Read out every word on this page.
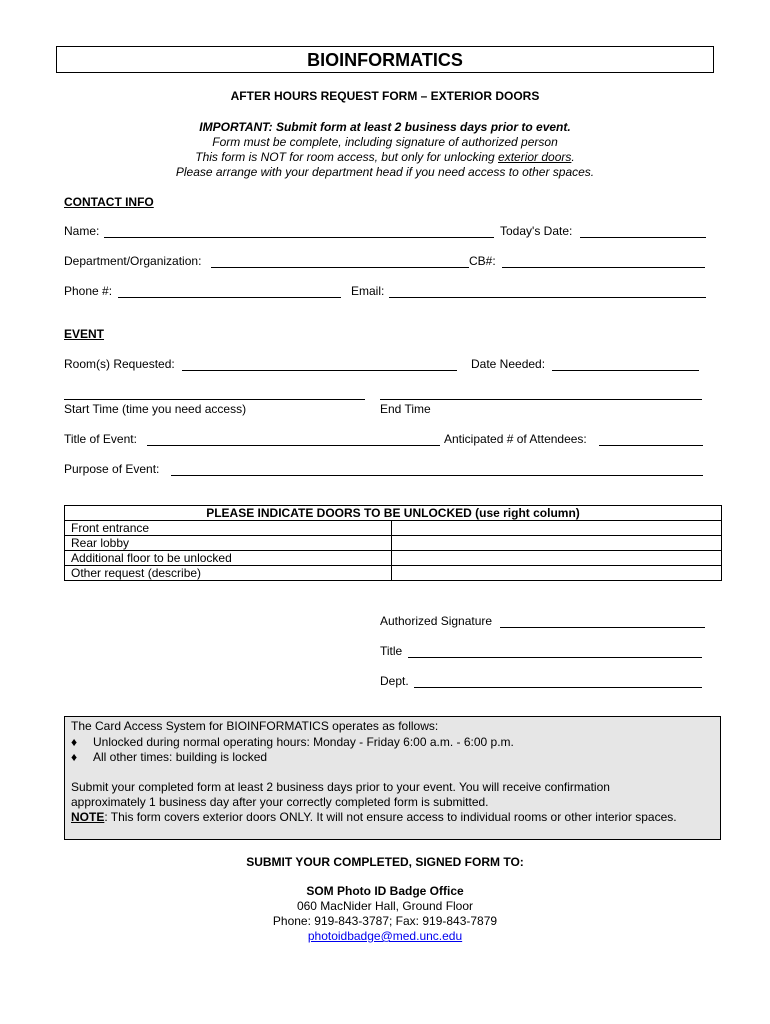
BIOINFORMATICS
AFTER HOURS REQUEST FORM – EXTERIOR DOORS
IMPORTANT: Submit form at least 2 business days prior to event.
Form must be complete, including signature of authorized person
This form is NOT for room access, but only for unlocking exterior doors.
Please arrange with your department head if you need access to other spaces.
CONTACT INFO
Name:	Today's Date:
Department/Organization:	CB#:
Phone #:	Email:
EVENT
Room(s) Requested:	Date Needed:
Start Time (time you need access)	End Time
Title of Event:	Anticipated # of Attendees:
Purpose of Event:
PLEASE INDICATE DOORS TO BE UNLOCKED (use right column)	
Front entrance	
Rear lobby	
Additional floor to be unlocked	
Other request (describe)	
Authorized Signature
Title
Dept.
The Card Access System for BIOINFORMATICS operates as follows:
♦ Unlocked during normal operating hours: Monday - Friday 6:00 a.m. - 6:00 p.m.
♦ All other times: building is locked
Submit your completed form at least 2 business days prior to your event. You will receive confirmation
approximately 1 business day after your correctly completed form is submitted.
NOTE: This form covers exterior doors ONLY. It will not ensure access to individual rooms or other interior spaces.
SUBMIT YOUR COMPLETED, SIGNED FORM TO:
SOM Photo ID Badge Office
060 MacNider Hall, Ground Floor
Phone: 919-843-3787; Fax: 919-843-7879
photoidbadge@med.unc.edu
